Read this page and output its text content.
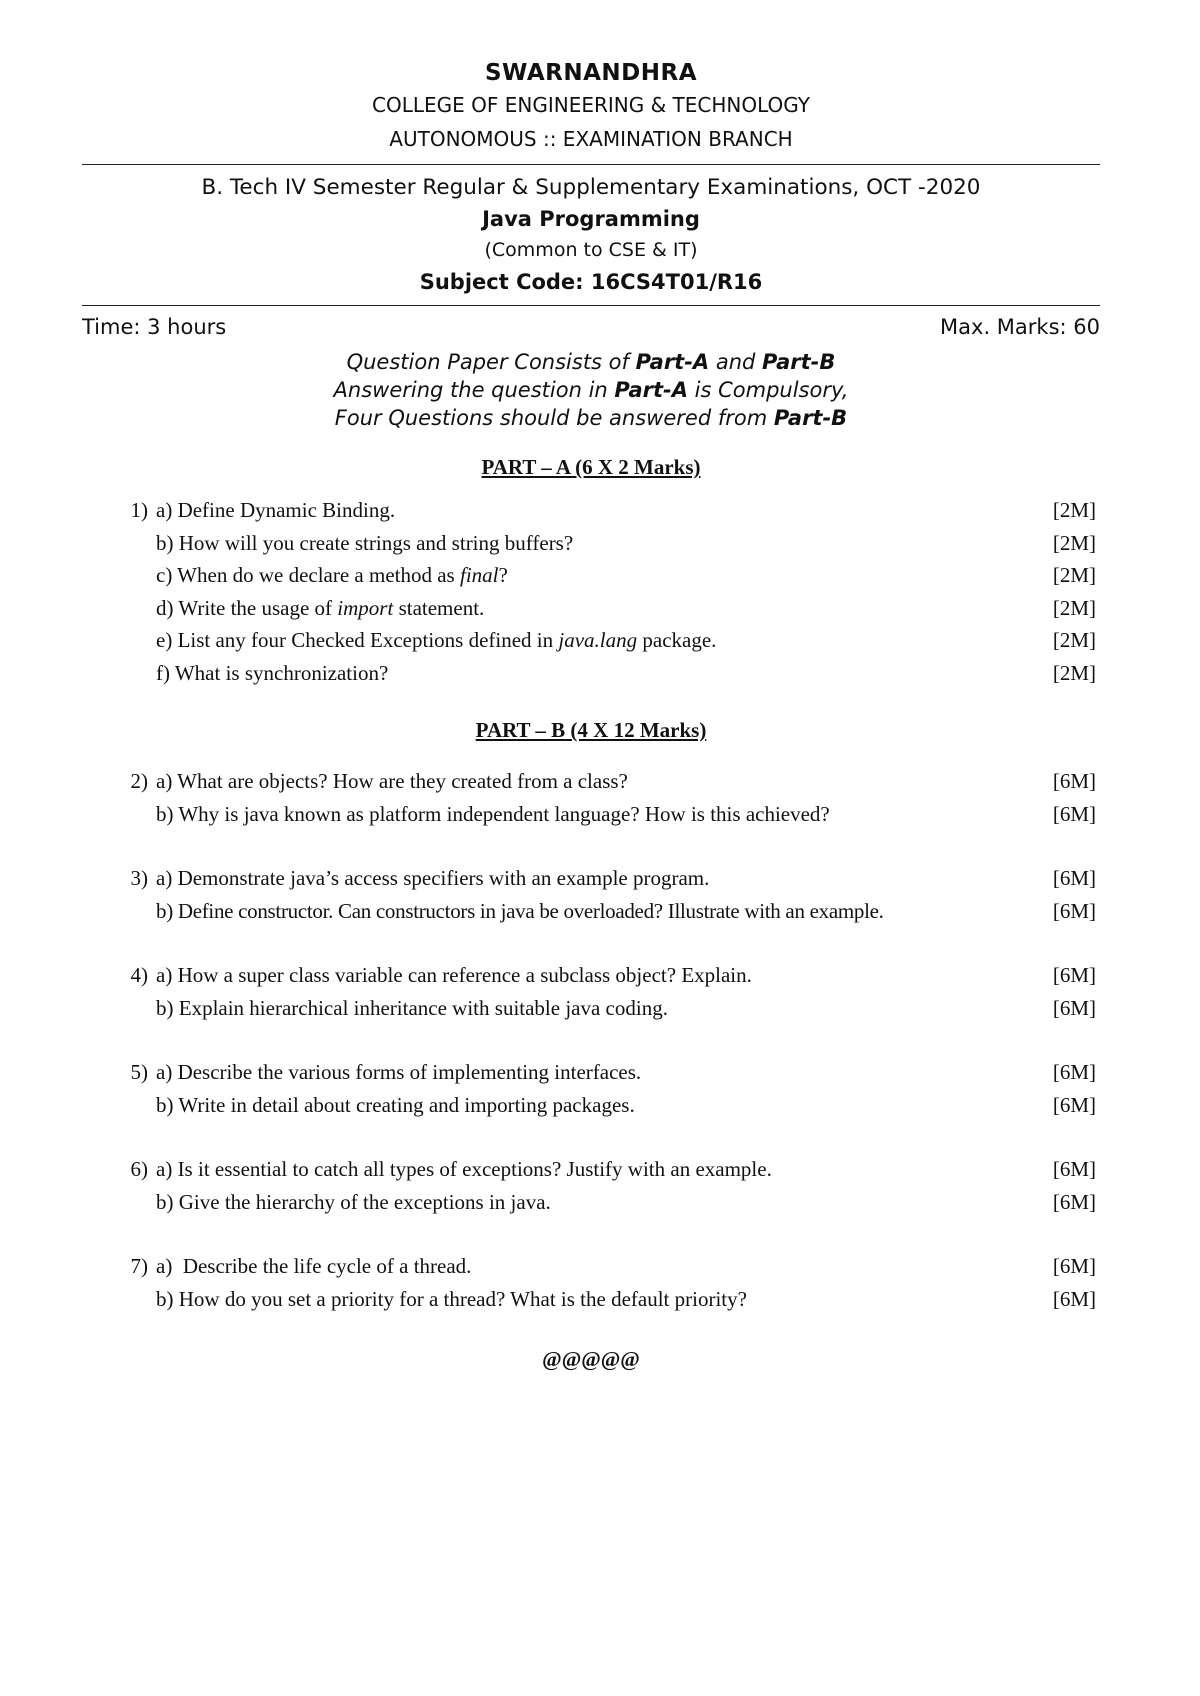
SWARNANDHRA
COLLEGE OF ENGINEERING & TECHNOLOGY
AUTONOMOUS :: EXAMINATION BRANCH
B. Tech IV Semester Regular & Supplementary Examinations, OCT -2020
Java Programming
(Common to CSE & IT)
Subject Code: 16CS4T01/R16
Time: 3 hours	Max. Marks: 60
Question Paper Consists of Part-A and Part-B
Answering the question in Part-A is Compulsory,
Four Questions should be answered from Part-B
PART – A (6 X 2 Marks)
1) a) Define Dynamic Binding.	[2M]
b) How will you create strings and string buffers?	[2M]
c) When do we declare a method as final?	[2M]
d) Write the usage of import statement.	[2M]
e) List any four Checked Exceptions defined in java.lang package.	[2M]
f) What is synchronization?	[2M]
PART – B (4 X 12 Marks)
2) a) What are objects? How are they created from a class?	[6M]
b) Why is java known as platform independent language? How is this achieved?	[6M]
3) a) Demonstrate java’s access specifiers with an example program.	[6M]
b) Define constructor. Can constructors in java be overloaded? Illustrate with an example.	[6M]
4) a) How a super class variable can reference a subclass object? Explain.	[6M]
b) Explain hierarchical inheritance with suitable java coding.	[6M]
5) a) Describe the various forms of implementing interfaces.	[6M]
b) Write in detail about creating and importing packages.	[6M]
6) a) Is it essential to catch all types of exceptions? Justify with an example.	[6M]
b) Give the hierarchy of the exceptions in java.	[6M]
7) a)  Describe the life cycle of a thread.	[6M]
b) How do you set a priority for a thread? What is the default priority?	[6M]
@@@@@
